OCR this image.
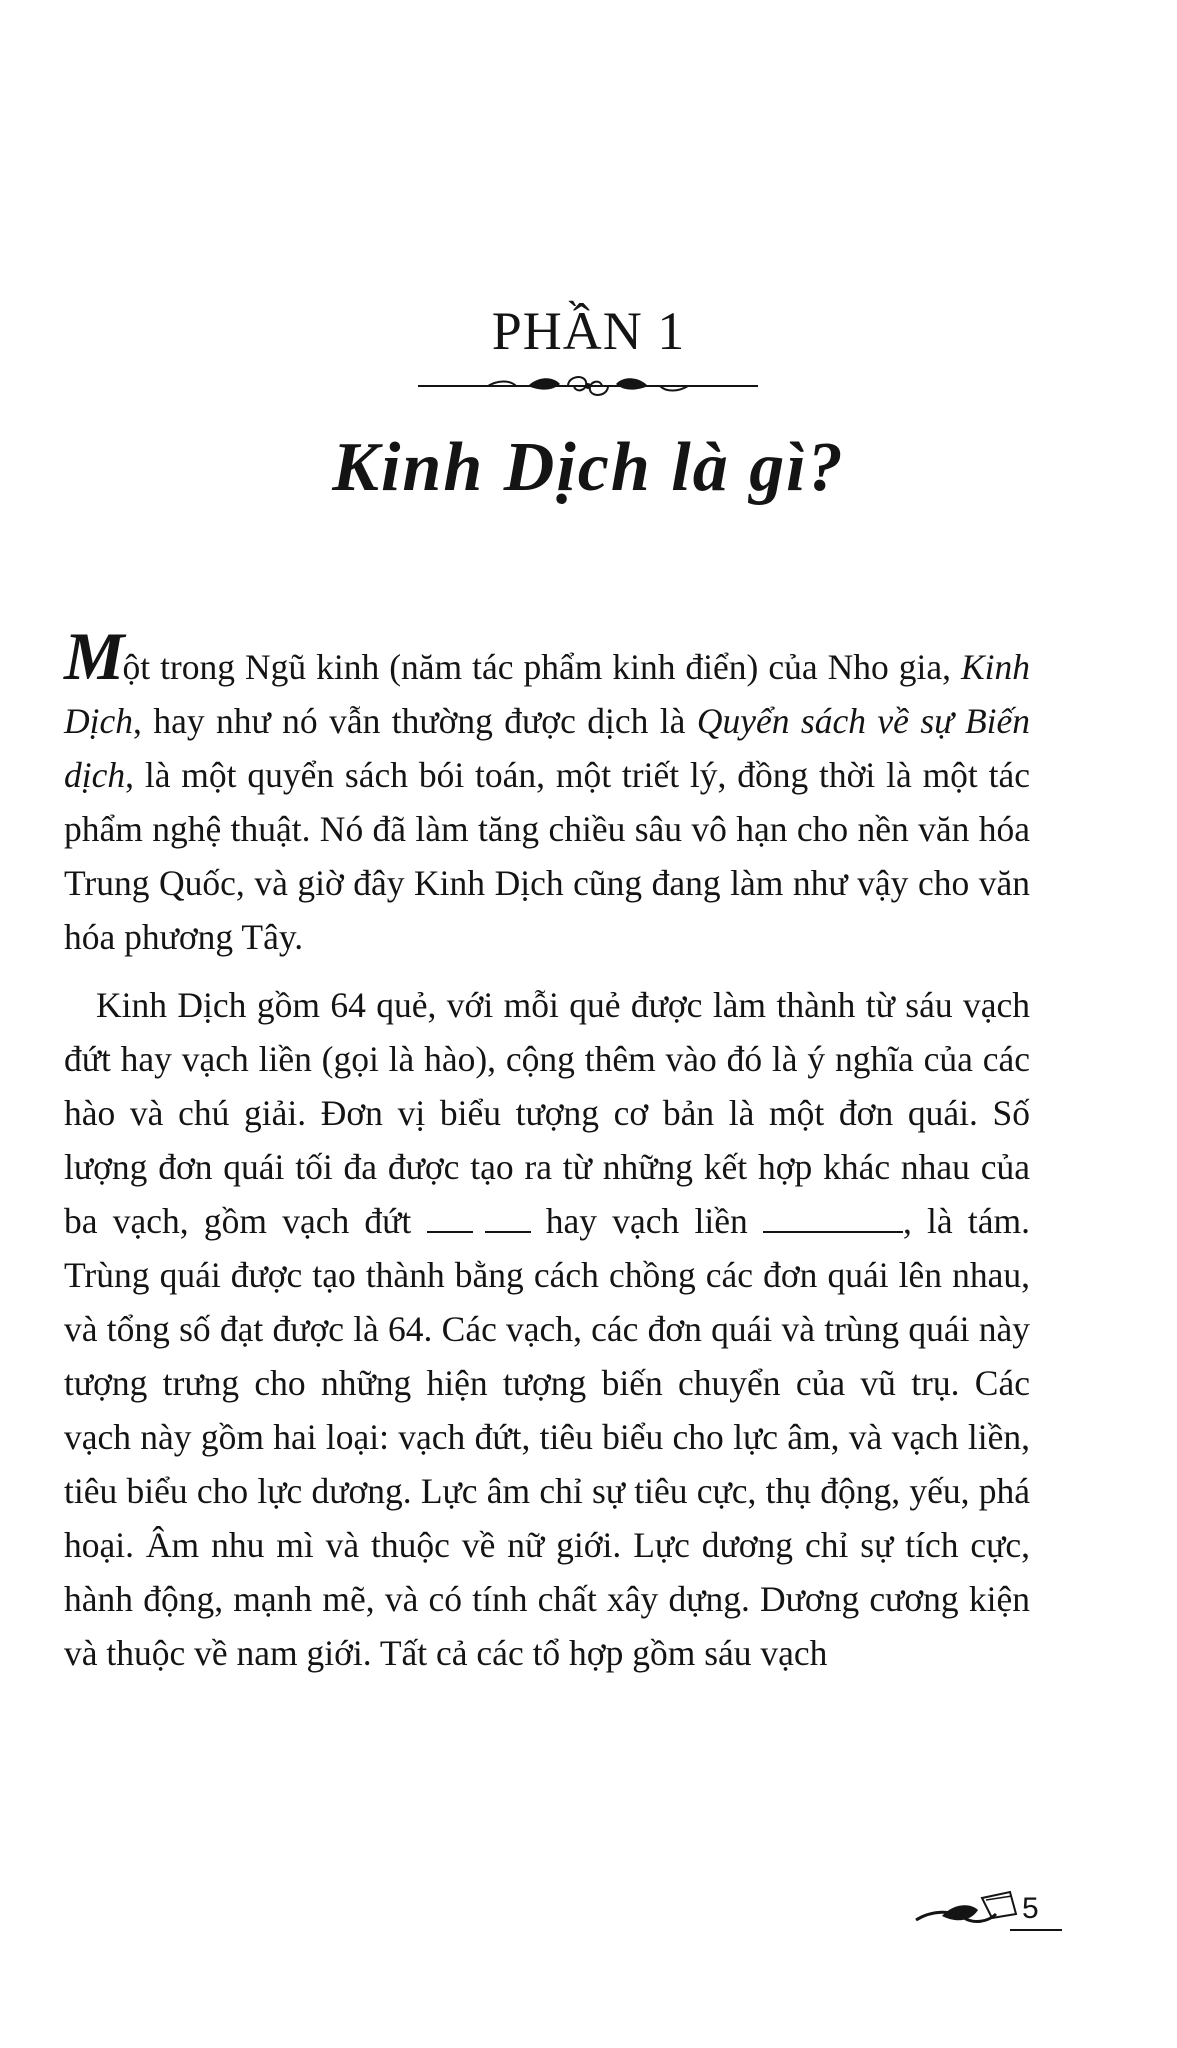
PHẦN 1
Kinh Dịch là gì?

Một trong Ngũ kinh (năm tác phẩm kinh điển) của Nho gia, Kinh Dịch, hay như nó vẫn thường được dịch là Quyển sách về sự Biến dịch, là một quyển sách bói toán, một triết lý, đồng thời là một tác phẩm nghệ thuật. Nó đã làm tăng chiều sâu vô hạn cho nền văn hóa Trung Quốc, và giờ đây Kinh Dịch cũng đang làm như vậy cho văn hóa phương Tây.

Kinh Dịch gồm 64 quẻ, với mỗi quẻ được làm thành từ sáu vạch đứt hay vạch liền (gọi là hào), cộng thêm vào đó là ý nghĩa của các hào và chú giải. Đơn vị biểu tượng cơ bản là một đơn quái. Số lượng đơn quái tối đa được tạo ra từ những kết hợp khác nhau của ba vạch, gồm vạch đứt	hay vạch liền	, là tám. Trùng quái được tạo thành bằng cách chồng các đơn quái lên nhau, và tổng số đạt được là 64. Các vạch, các đơn quái và trùng quái này tượng trưng cho những hiện tượng biến chuyển của vũ trụ. Các vạch này gồm hai loại: vạch đứt, tiêu biểu cho lực âm, và vạch liền, tiêu biểu cho lực dương. Lực âm chỉ sự tiêu cực, thụ động, yếu, phá hoại. Âm nhu mì và thuộc về nữ giới. Lực dương chỉ sự tích cực, hành động, mạnh mẽ, và có tính chất xây dựng. Dương cương kiện và thuộc về nam giới. Tất cả các tổ hợp gồm sáu vạch

5
